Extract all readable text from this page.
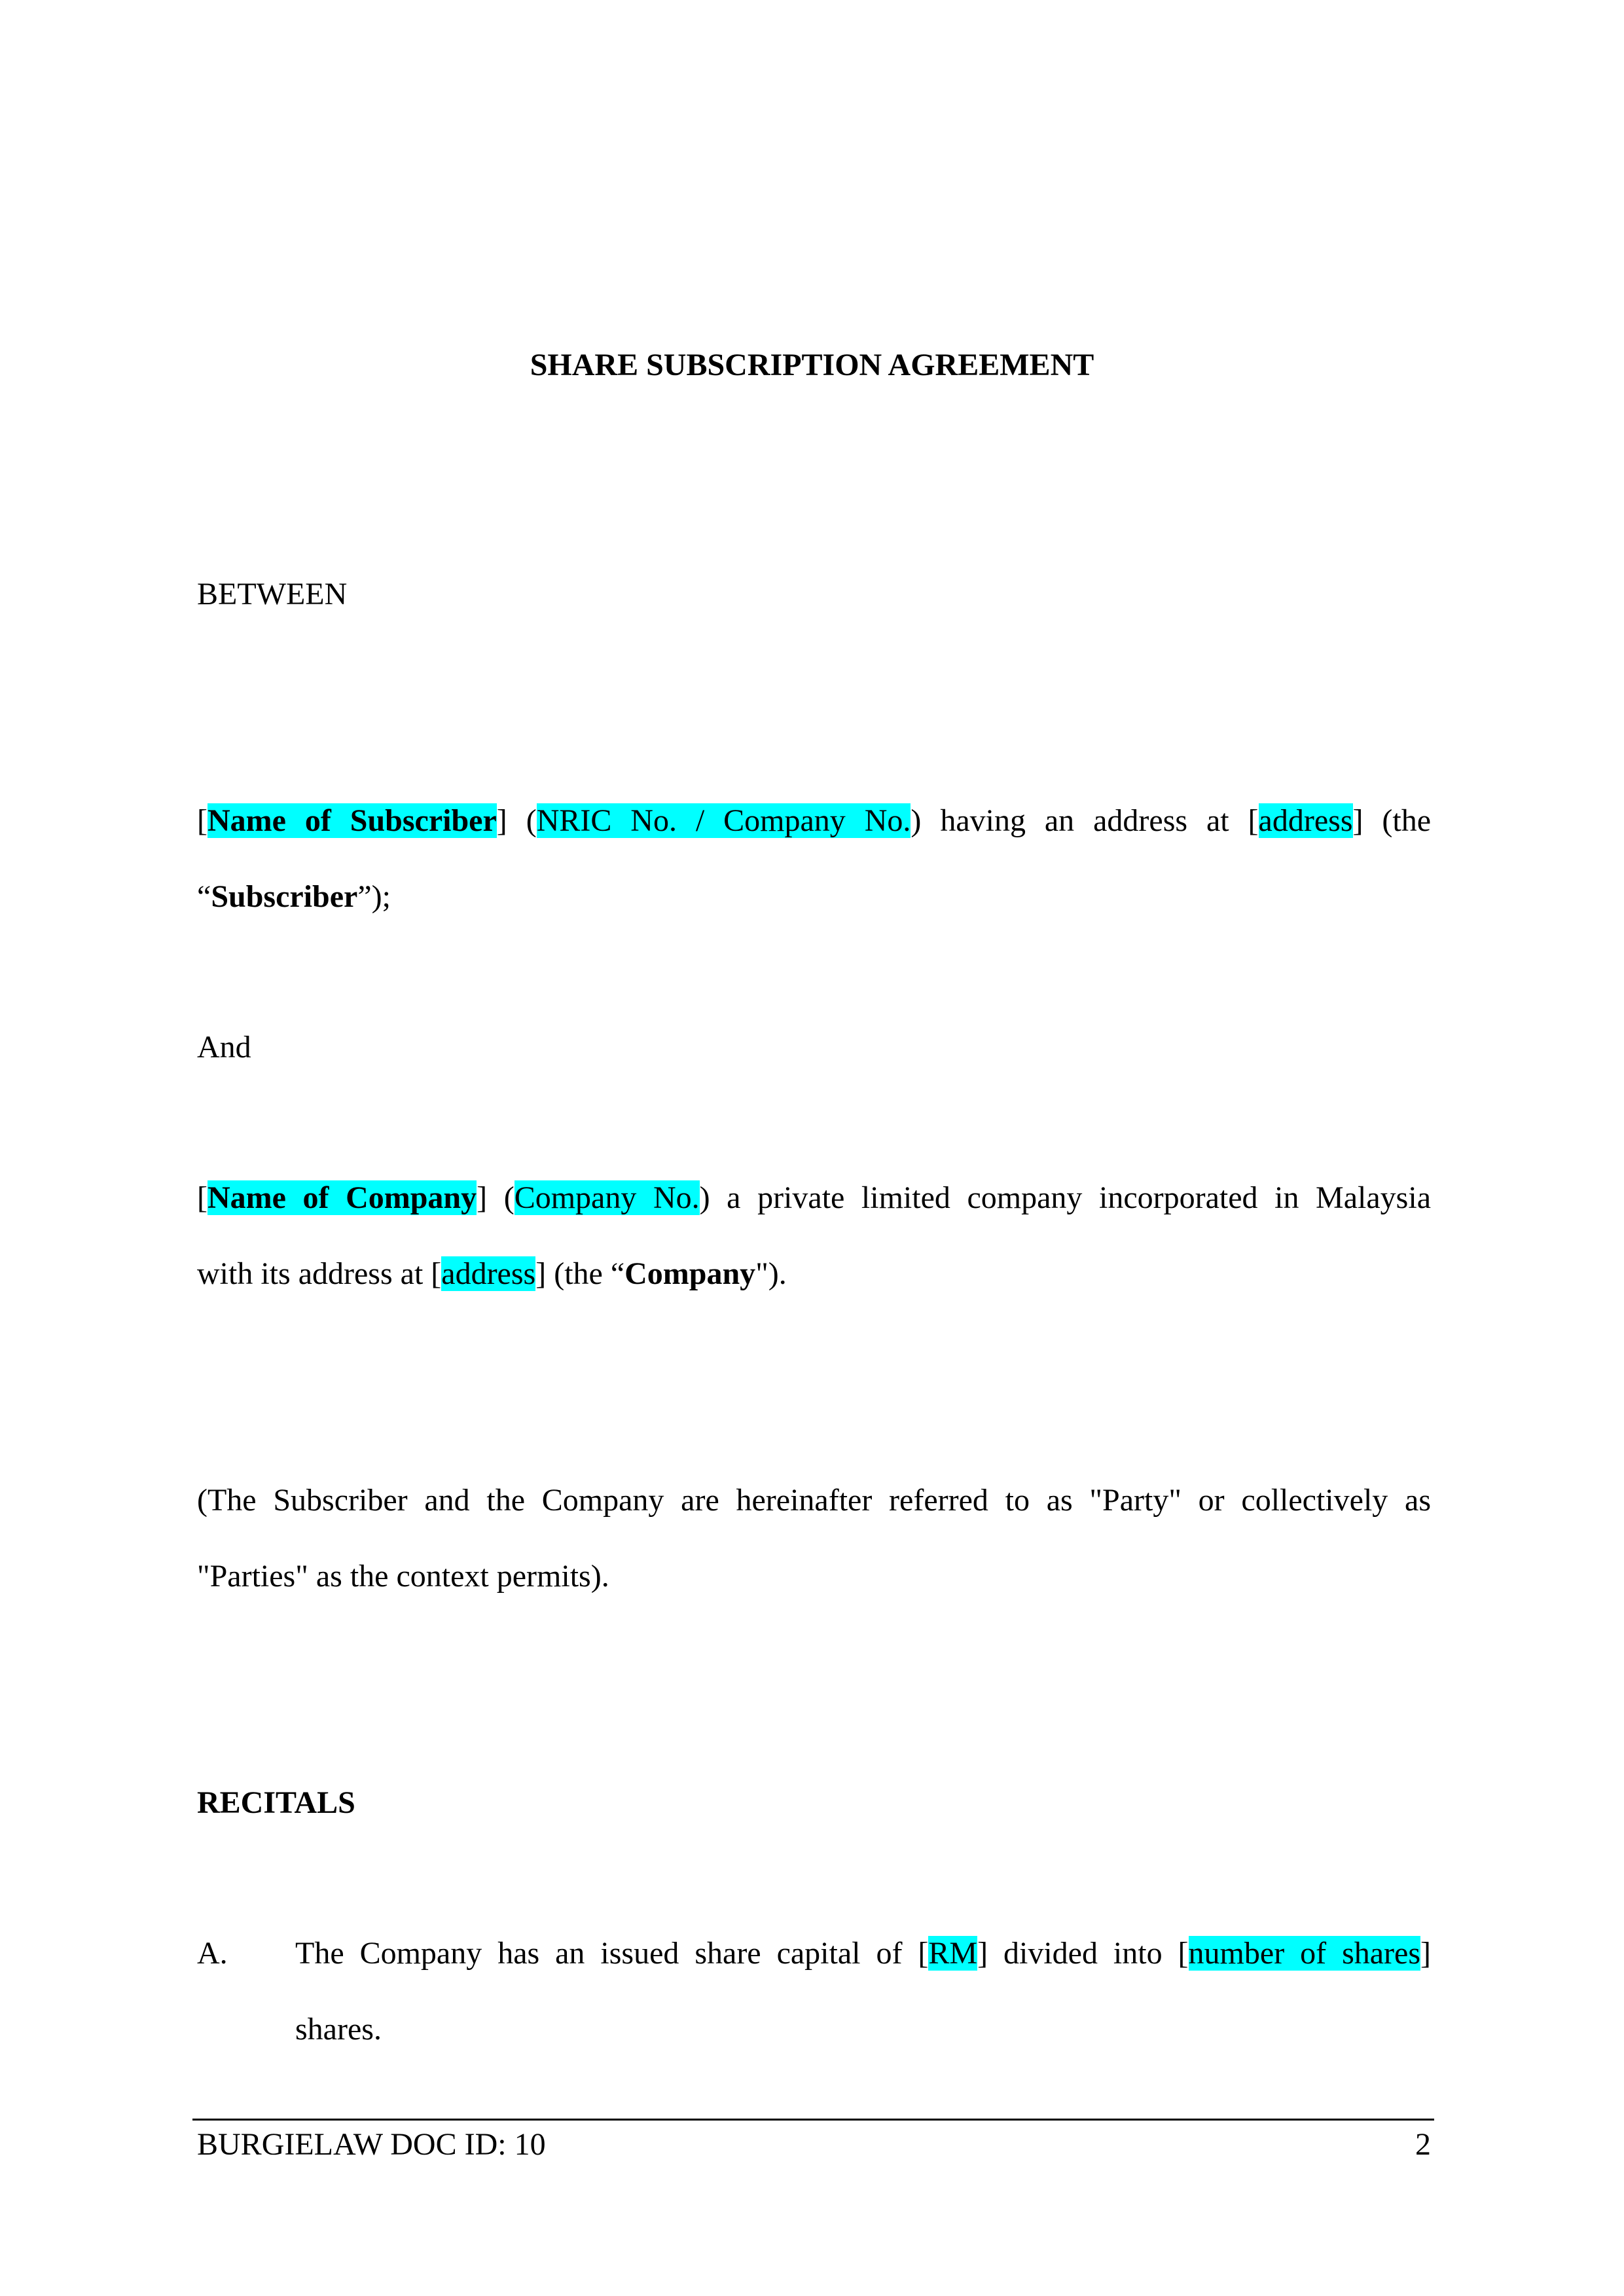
SHARE SUBSCRIPTION AGREEMENT
BETWEEN
[Name of Subscriber] (NRIC No. / Company No.) having an address at [address] (the
“Subscriber”);
And
[Name of Company] (Company No.) a private limited company incorporated in Malaysia
with its address at [address] (the “Company").
(The Subscriber and the Company are hereinafter referred to as "Party" or collectively as
"Parties" as the context permits).
RECITALS
A. The Company has an issued share capital of [RM] divided into [number of shares]
shares.
BURGIELAW DOC ID: 10	2
